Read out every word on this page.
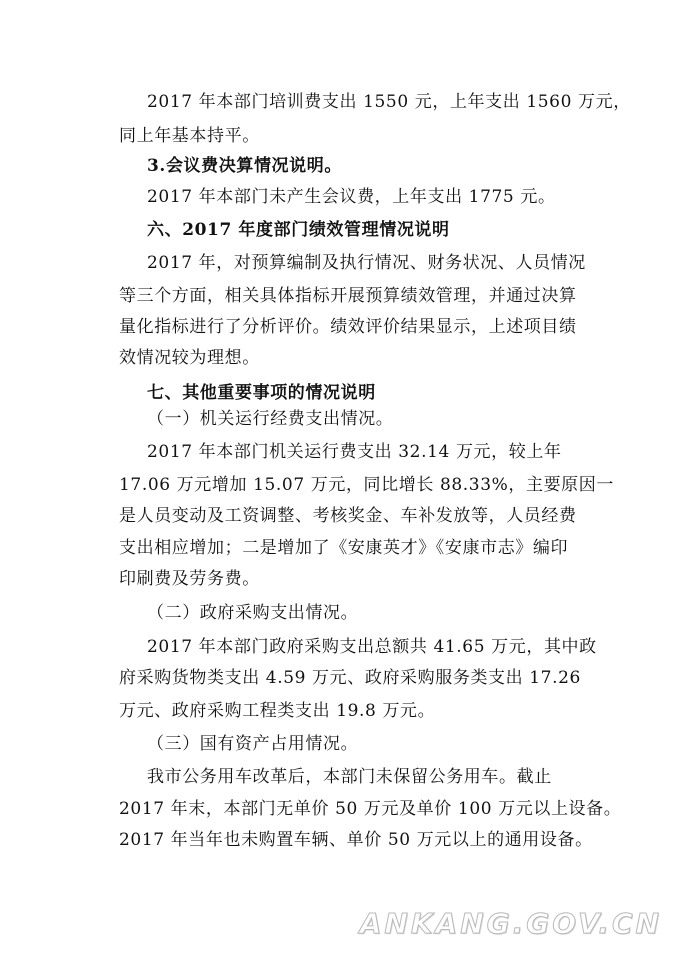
2017 年本部门培训费支出 1550 元，上年支出 1560 万元，
同上年基本持平。
3.会议费决算情况说明。
2017 年本部门未产生会议费，上年支出 1775 元。
六、2017 年度部门绩效管理情况说明
2017 年，对预算编制及执行情况、财务状况、人员情况
等三个方面，相关具体指标开展预算绩效管理，并通过决算
量化指标进行了分析评价。绩效评价结果显示，上述项目绩
效情况较为理想。
七、其他重要事项的情况说明
（一）机关运行经费支出情况。
2017 年本部门机关运行费支出 32.14 万元，较上年
17.06 万元增加 15.07 万元，同比增长 88.33%，主要原因一
是人员变动及工资调整、考核奖金、车补发放等，人员经费
支出相应增加；二是增加了《安康英才》《安康市志》编印
印刷费及劳务费。
（二）政府采购支出情况。
2017 年本部门政府采购支出总额共 41.65 万元，其中政
府采购货物类支出 4.59 万元、政府采购服务类支出 17.26
万元、政府采购工程类支出 19.8 万元。
（三）国有资产占用情况。
我市公务用车改革后，本部门未保留公务用车。截止
2017 年末，本部门无单价 50 万元及单价 100 万元以上设备。
2017 年当年也未购置车辆、单价 50 万元以上的通用设备。
ANKANG.GOV.CN
